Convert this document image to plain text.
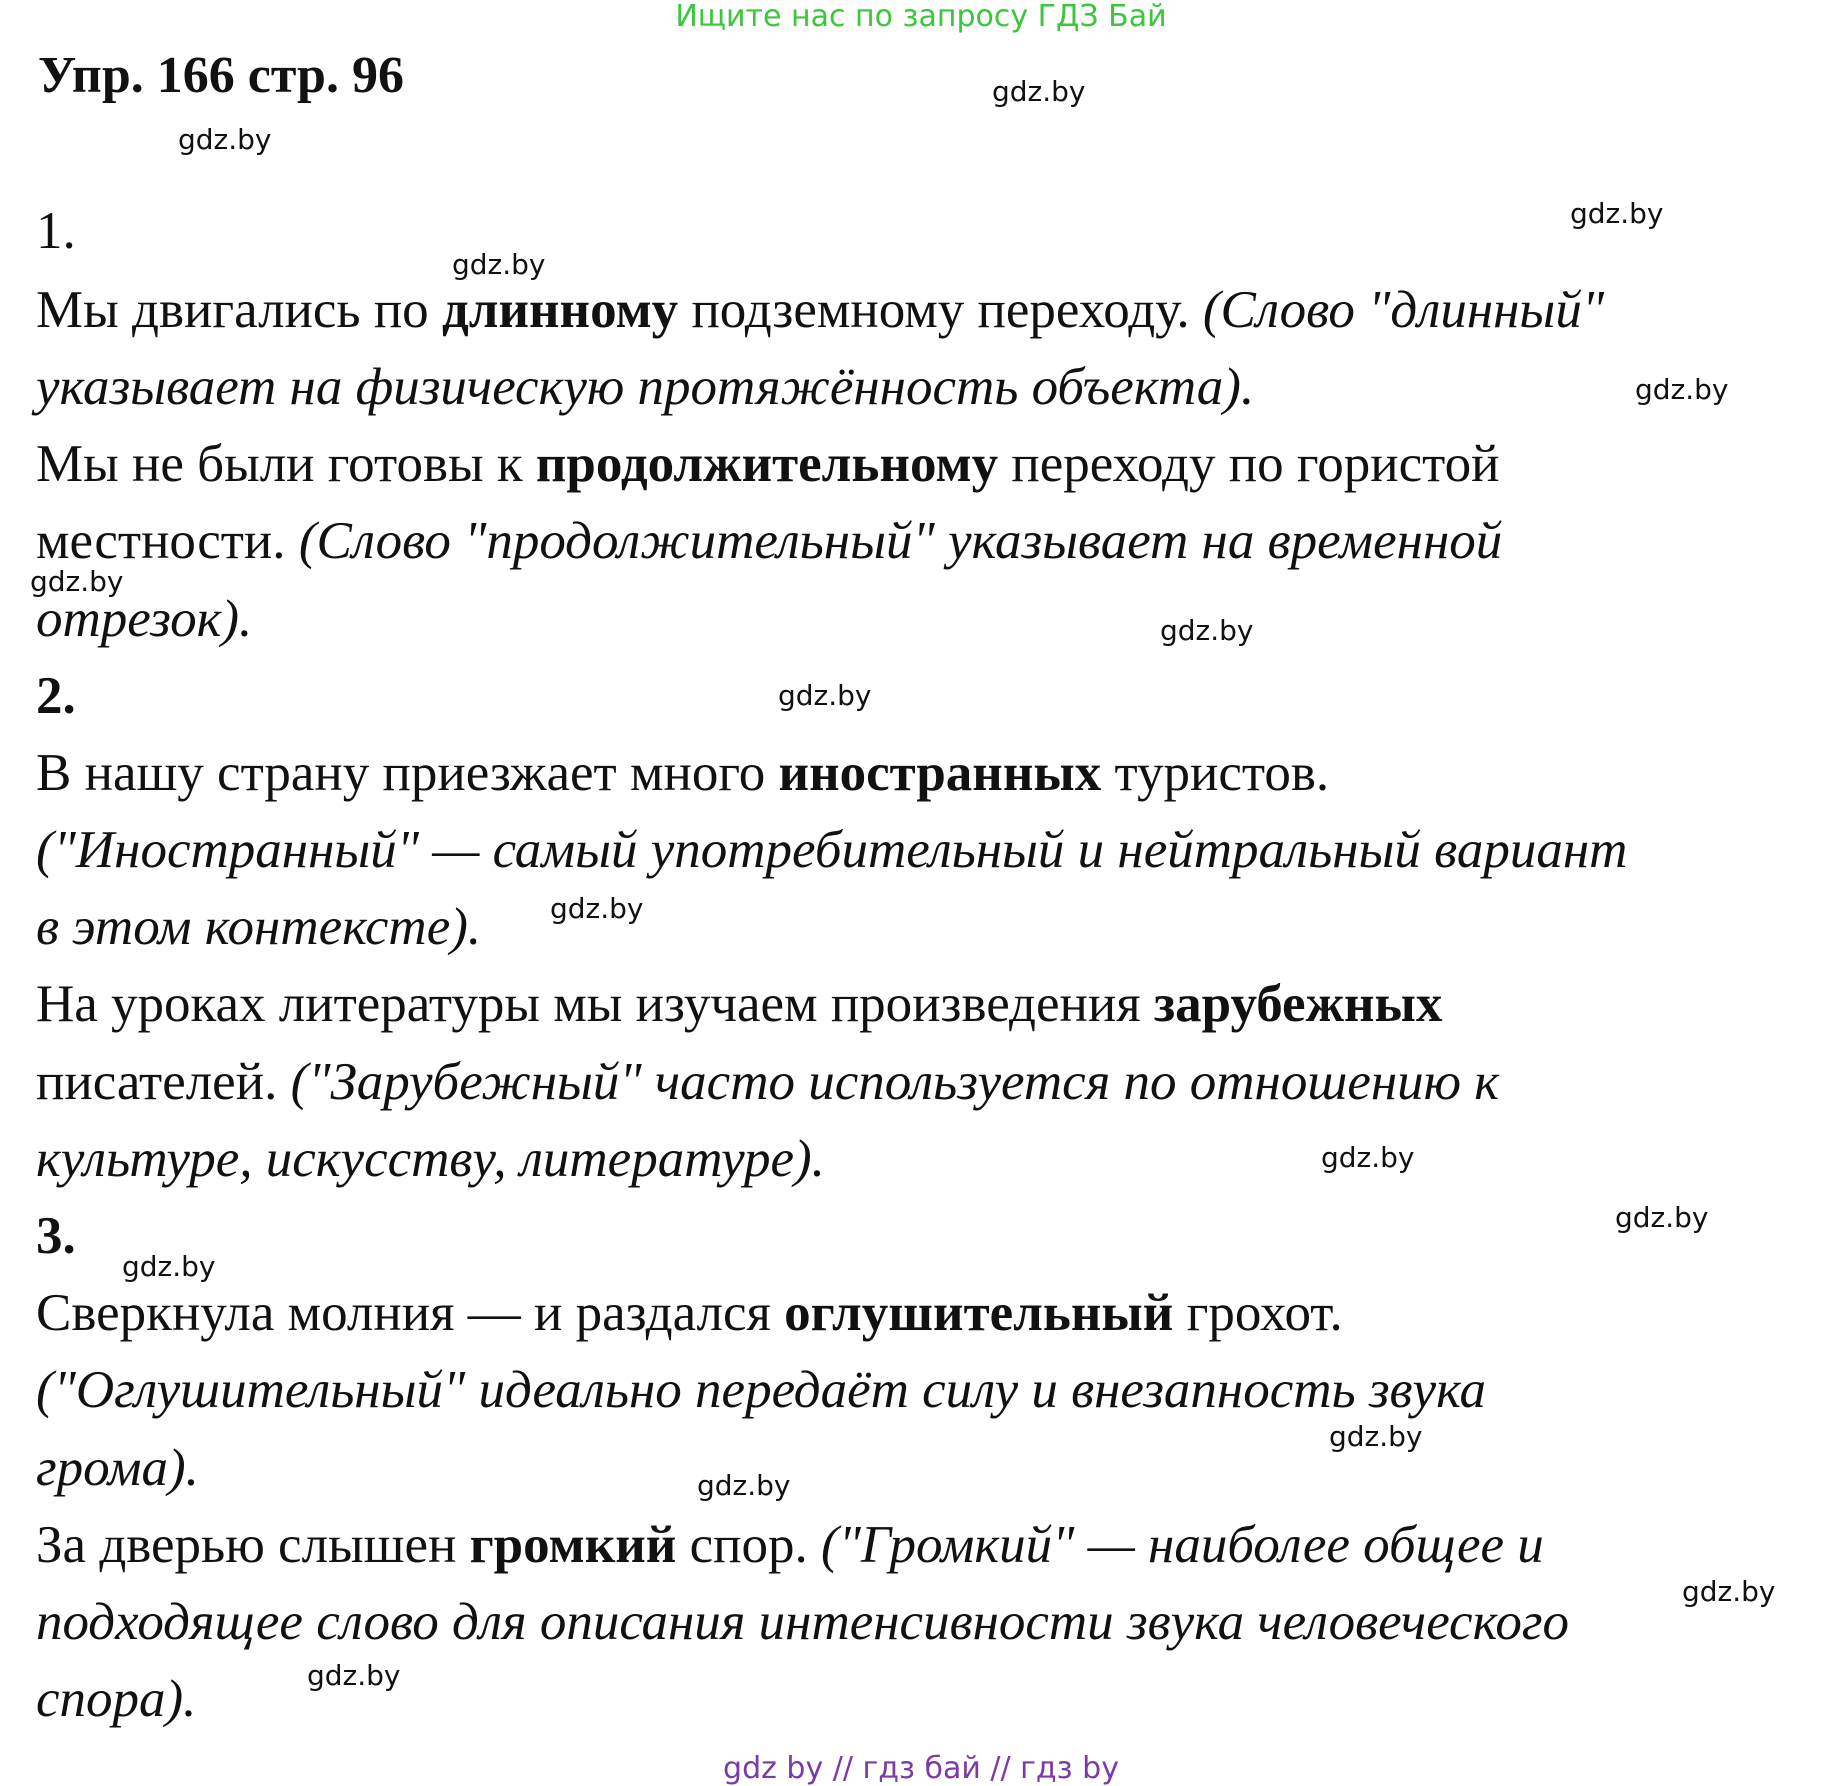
Ищите нас по запросу ГДЗ Бай
Упр. 166 стр. 96	gdz.by
gdz.by
gdz.by
gdz.by
gdz.by
gdz.by
gdz.by
gdz.by
gdz.by
gdz.by
gdz.by
gdz.by
gdz.by
gdz.by
gdz.by
gdz.by
1.
Мы двигались по длинному подземному переходу. (Слово "длинный"
указывает на физическую протяжённость объекта).
Мы не были готовы к продолжительному переходу по гористой
местности. (Слово "продолжительный" указывает на временной
отрезок).
2.
В нашу страну приезжает много иностранных туристов.
("Иностранный" — самый употребительный и нейтральный вариант
в этом контексте).
На уроках литературы мы изучаем произведения зарубежных
писателей. ("Зарубежный" часто используется по отношению к
культуре, искусству, литературе).
3.
Сверкнула молния — и раздался оглушительный грохот.
("Оглушительный" идеально передаёт силу и внезапность звука
грома).
За дверью слышен громкий спор. ("Громкий" — наиболее общее и
подходящее слово для описания интенсивности звука человеческого
спора).
gdz by // гдз бай // гдз by
